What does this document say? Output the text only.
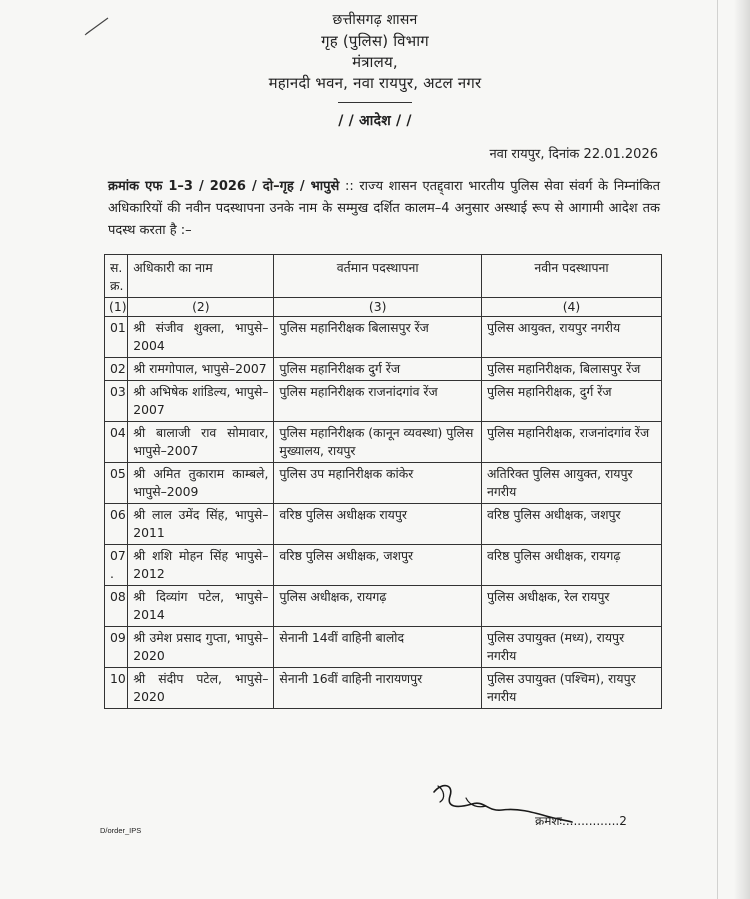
छत्तीसगढ़ शासन
गृह (पुलिस) विभाग
मंत्रालय,
महानदी भवन, नवा रायपुर, अटल नगर
/ / आदेश / /
नवा रायपुर, दिनांक 22.01.2026
क्रमांक एफ 1–3 / 2026 / दो–गृह / भापुसे :: राज्य शासन एतद्द्वारा भारतीय पुलिस सेवा संवर्ग के निम्नांकित अधिकारियों की नवीन पदस्थापना उनके नाम के सम्मुख दर्शित कालम–4 अनुसार अस्थाई रूप से आगामी आदेश तक पदस्थ करता है :–
स. क्र.	अधिकारी का नाम	वर्तमान पदस्थापना	नवीन पदस्थापना
(1)	(2)	(3)	(4)
01	श्री संजीव शुक्ला, भापुसे–2004	पुलिस महानिरीक्षक बिलासपुर रेंज	पुलिस आयुक्त, रायपुर नगरीय
02	श्री रामगोपाल, भापुसे–2007	पुलिस महानिरीक्षक दुर्ग रेंज	पुलिस महानिरीक्षक, बिलासपुर रेंज
03	श्री अभिषेक शांडिल्य, भापुसे–2007	पुलिस महानिरीक्षक राजनांदगांव रेंज	पुलिस महानिरीक्षक, दुर्ग रेंज
04	श्री बालाजी राव सोमावार, भापुसे–2007	पुलिस महानिरीक्षक (कानून व्यवस्था) पुलिस मुख्यालय, रायपुर	पुलिस महानिरीक्षक, राजनांदगांव रेंज
05	श्री अमित तुकाराम काम्बले, भापुसे–2009	पुलिस उप महानिरीक्षक कांकेर	अतिरिक्त पुलिस आयुक्त, रायपुर नगरीय
06	श्री लाल उमेंद सिंह, भापुसे–2011	वरिष्ठ पुलिस अधीक्षक रायपुर	वरिष्ठ पुलिस अधीक्षक, जशपुर
07 .	श्री शशि मोहन सिंह भापुसे– 2012	वरिष्ठ पुलिस अधीक्षक, जशपुर	वरिष्ठ पुलिस अधीक्षक, रायगढ़
08	श्री दिव्यांग पटेल, भापुसे–2014	पुलिस अधीक्षक, रायगढ़	पुलिस अधीक्षक, रेल रायपुर
09	श्री उमेश प्रसाद गुप्ता, भापुसे–2020	सेनानी 14वीं वाहिनी बालोद	पुलिस उपायुक्त (मध्य), रायपुर नगरीय
10	श्री संदीप पटेल, भापुसे–2020	सेनानी 16वीं वाहिनी नारायणपुर	पुलिस उपायुक्त (पश्चिम), रायपुर नगरीय
क्रमशः...............2
D/order_IPS
